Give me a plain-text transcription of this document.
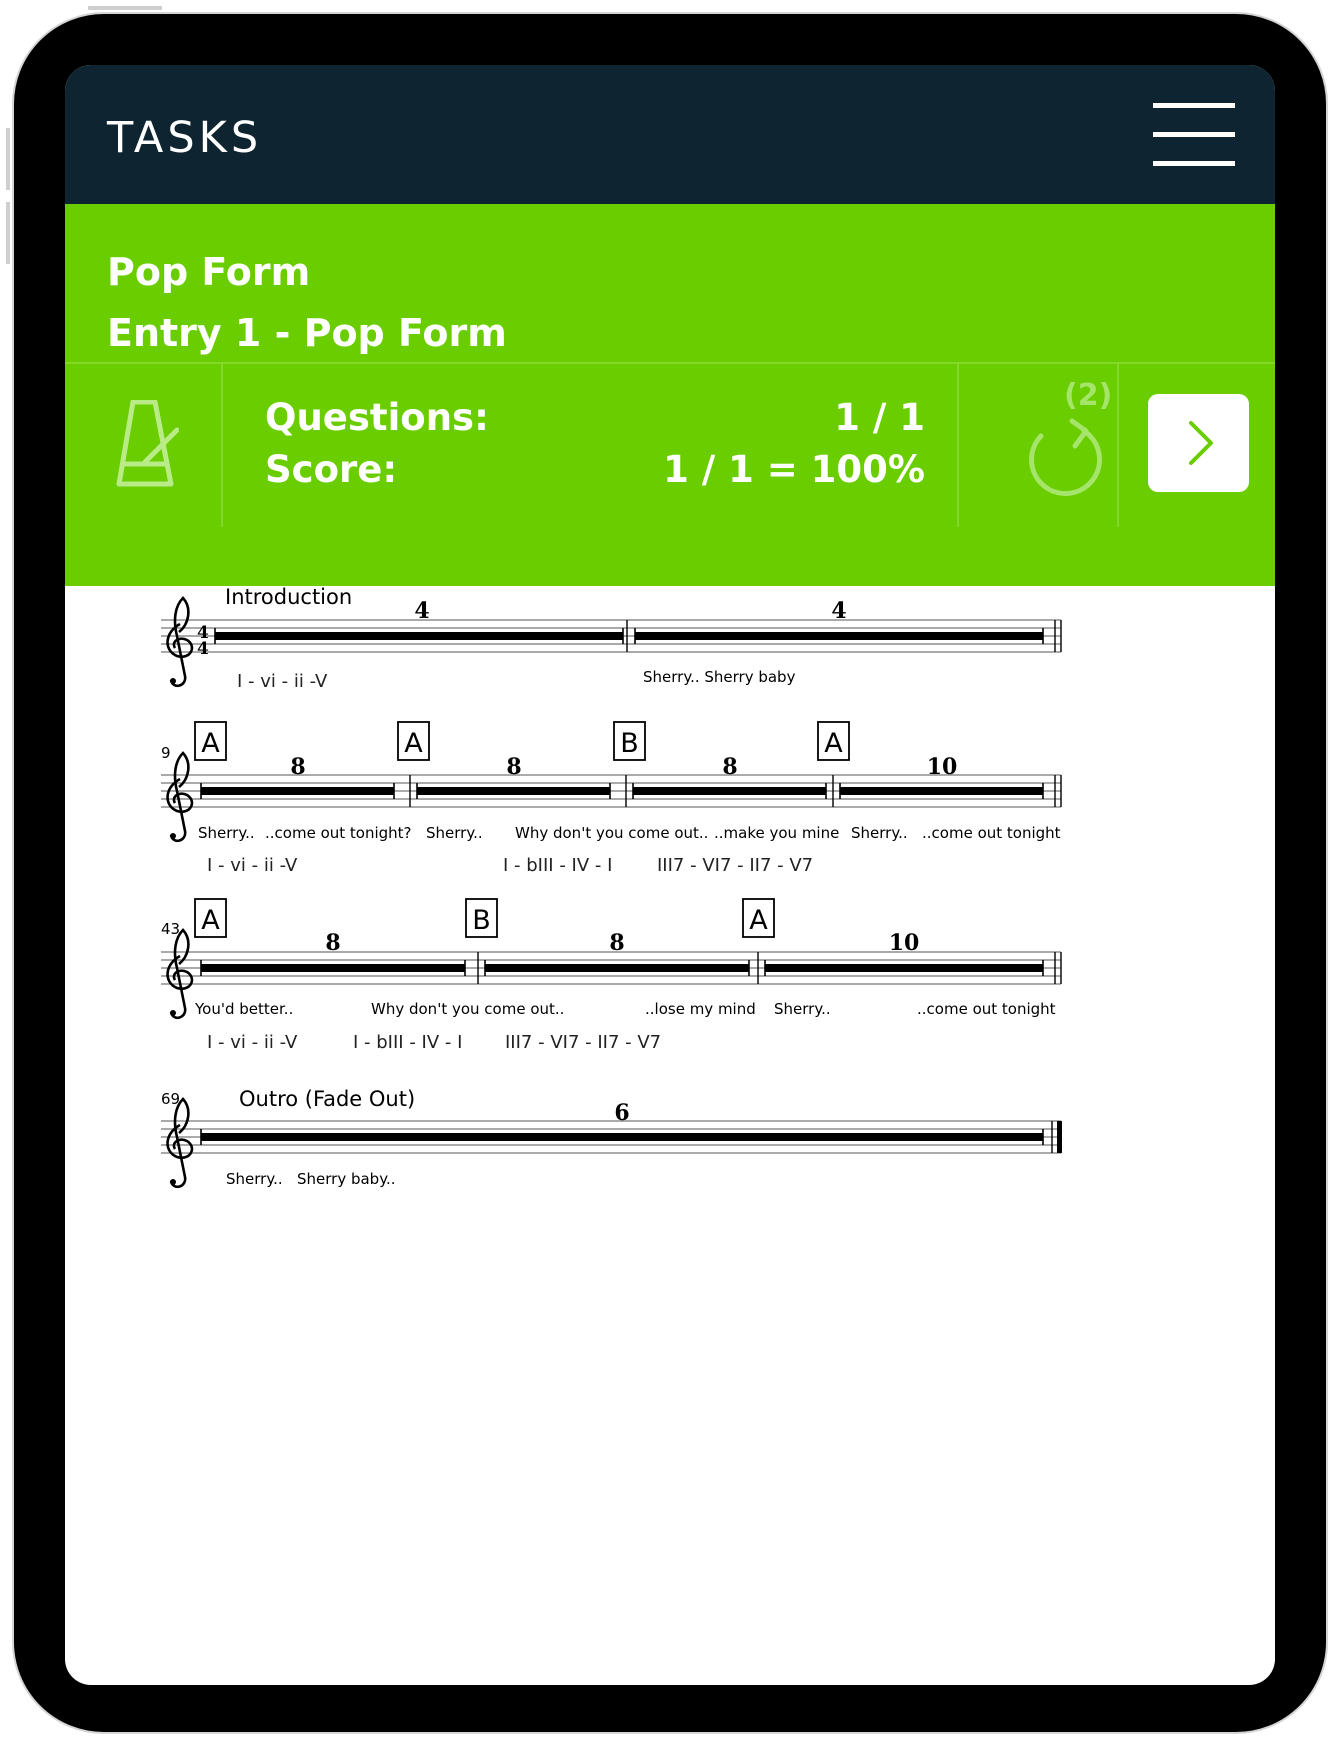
TASKS
Pop Form
Entry 1 - Pop Form
Questions:	1 / 1
Score:	1 / 1 = 100%
(2)
4
4
Introduction
4	4
Sherry.. Sherry baby
I - vi - ii -V
9 A	A	B	A
8	8	8	10
Sherry.. ..come out tonight? Sherry.. Why don't you come out.. ..make you mine Sherry.. ..come out tonight
I - vi - ii -V	I - bIII - IV - I III7 - VI7 - II7 - V7
43 A	B	A
8	8	10
You'd better..	Why don't you come out..	..lose my mind Sherry..	..come out tonight
I - vi - ii -V	I - bIII - IV - I III7 - VI7 - II7 - V7
69	Outro (Fade Out)
6
Sherry.. Sherry baby..
